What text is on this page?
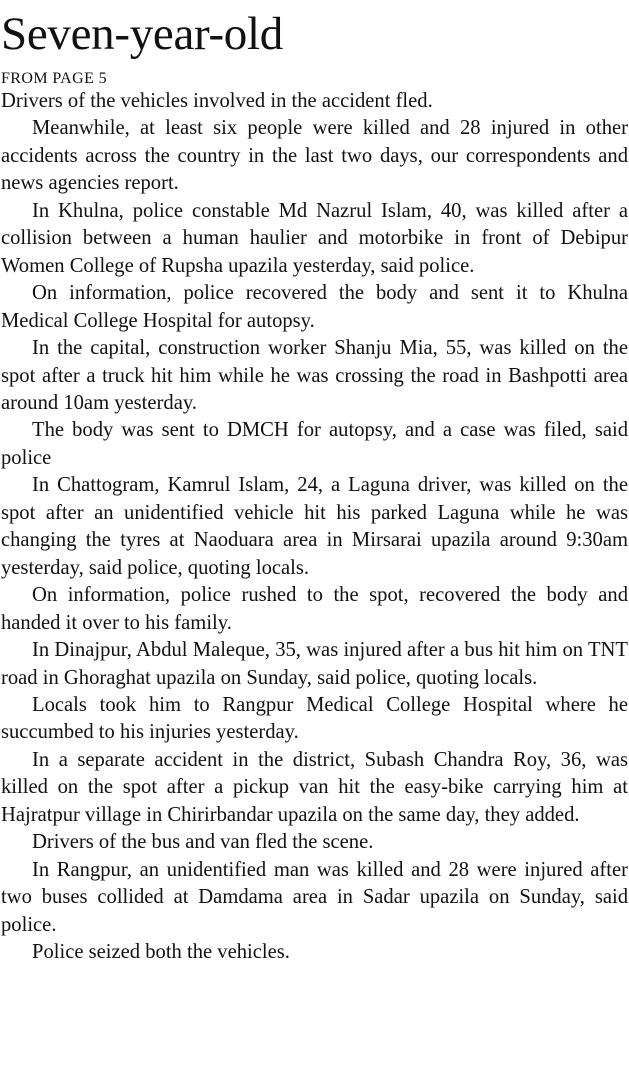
Seven-year-old
FROM PAGE 5

Drivers of the vehicles involved in the accident fled.

Meanwhile, at least six people were killed and 28 injured in other accidents across the country in the last two days, our correspondents and news agencies report.

In Khulna, police constable Md Nazrul Islam, 40, was killed after a collision between a human haulier and motorbike in front of Debipur Women College of Rupsha upazila yesterday, said police.

On information, police recovered the body and sent it to Khulna Medical College Hospital for autopsy.

In the capital, construction worker Shanju Mia, 55, was killed on the spot after a truck hit him while he was crossing the road in Bashpotti area around 10am yesterday.

The body was sent to DMCH for autopsy, and a case was filed, said police

In Chattogram, Kamrul Islam, 24, a Laguna driver, was killed on the spot after an unidentified vehicle hit his parked Laguna while he was changing the tyres at Naoduara area in Mirsarai upazila around 9:30am yesterday, said police, quoting locals.

On information, police rushed to the spot, recovered the body and handed it over to his family.

In Dinajpur, Abdul Maleque, 35, was injured after a bus hit him on TNT road in Ghoraghat upazila on Sunday, said police, quoting locals.

Locals took him to Rangpur Medical College Hospital where he succumbed to his injuries yesterday.

In a separate accident in the district, Subash Chandra Roy, 36, was killed on the spot after a pickup van hit the easy-bike carrying him at Hajratpur village in Chirirbandar upazila on the same day, they added.

Drivers of the bus and van fled the scene.

In Rangpur, an unidentified man was killed and 28 were injured after two buses collided at Damdama area in Sadar upazila on Sunday, said police.

Police seized both the vehicles.
